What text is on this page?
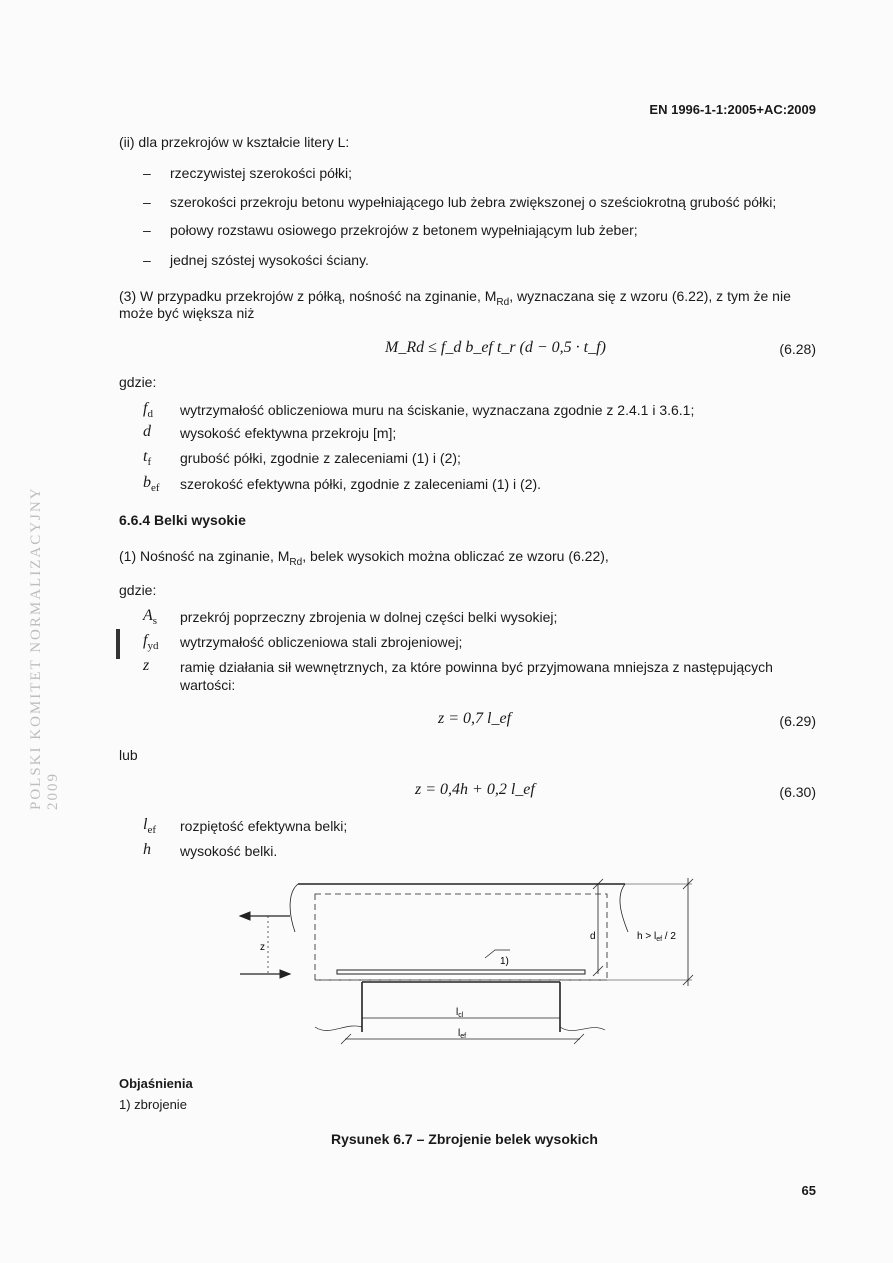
EN 1996-1-1:2005+AC:2009
POLSKI KOMITET NORMALIZACYJNY 2009
(ii) dla przekrojów w kształcie litery L:
– rzeczywistej szerokości półki;
– szerokości przekroju betonu wypełniającego lub żebra zwiększonej o sześciokrotną grubość półki;
– połowy rozstawu osiowego przekrojów z betonem wypełniającym lub żeber;
– jednej szóstej wysokości ściany.
(3) W przypadku przekrojów z półką, nośność na zginanie, $M_{Rd}$, wyznaczana się z wzoru (6.22), z tym że nie
może być większa niż
M_Rd ≤ f_d b_ef t_r (d − 0,5 · t_f)	(6.28)
gdzie:
$f_d$ wytrzymałość obliczeniowa muru na ściskanie, wyznaczana zgodnie z 2.4.1 i 3.6.1;
d wysokość efektywna przekroju [m];
$t_f$ grubość półki, zgodnie z zaleceniami (1) i (2);
$b_{ef}$ szerokość efektywna półki, zgodnie z zaleceniami (1) i (2).
6.6.4 Belki wysokie
(1) Nośność na zginanie, $M_{Rd}$, belek wysokich można obliczać ze wzoru (6.22),
gdzie:
$A_s$ przekrój poprzeczny zbrojenia w dolnej części belki wysokiej;
$f_{yd}$ wytrzymałość obliczeniowa stali zbrojeniowej;
z ramię działania sił wewnętrznych, za które powinna być przyjmowana mniejsza z następujących
wartości:
z = 0,7 l_ef	(6.29)
lub
z = 0,4h + 0,2 l_ef	(6.30)
$l_{ef}$ rozpiętość efektywna belki;
h wysokość belki.
z
d	$h > l_{ef} / 2$
1)
$l_{cl}$
$l_{ef}$
Objaśnienia
1) zbrojenie
Rysunek 6.7 – Zbrojenie belek wysokich
65
